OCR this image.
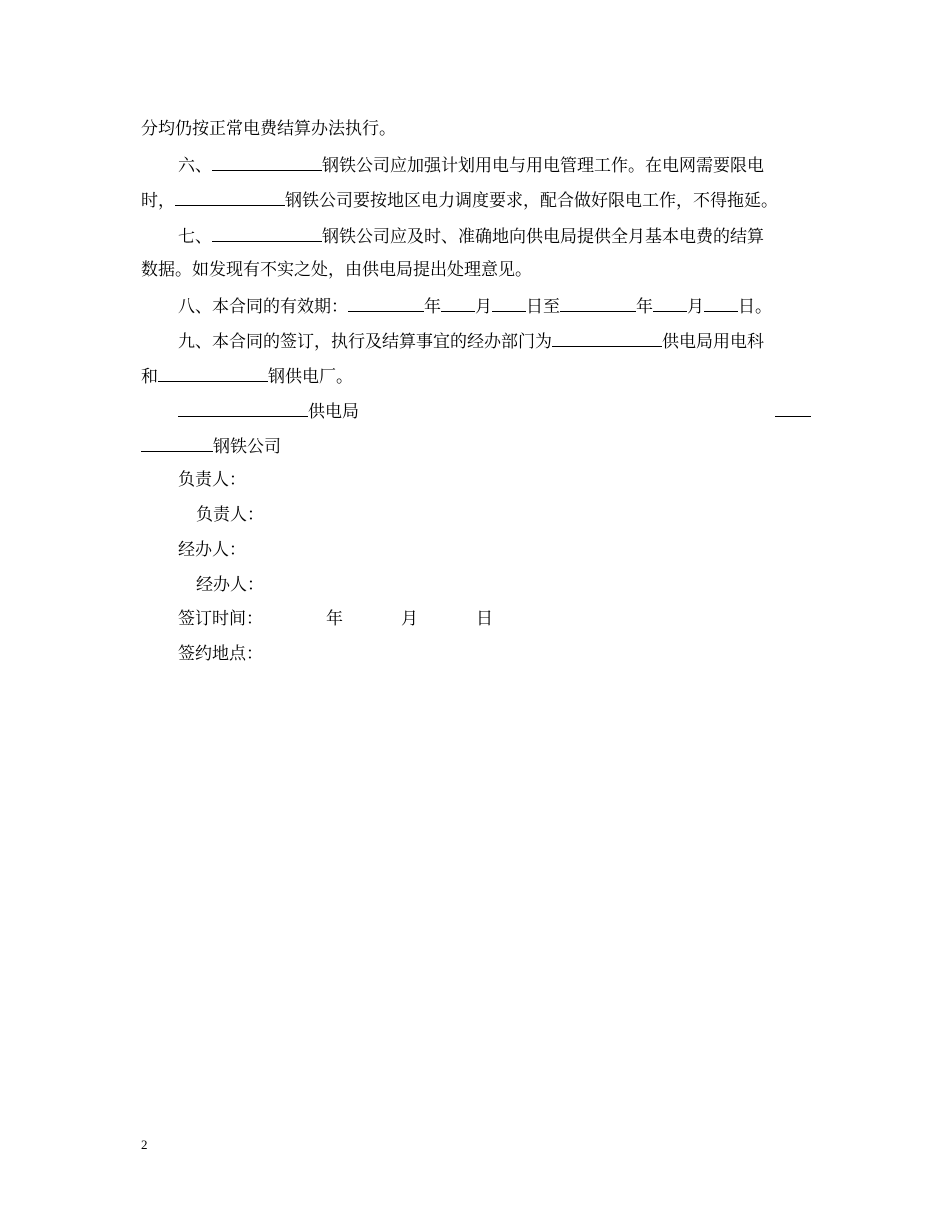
分均仍按正常电费结算办法执行。
六、	钢铁公司应加强计划用电与用电管理工作。在电网需要限电
时，	钢铁公司要按地区电力调度要求，配合做好限电工作，不得拖延。
七、	钢铁公司应及时、准确地向供电局提供全月基本电费的结算
数据。如发现有不实之处，由供电局提出处理意见。
八、本合同的有效期：	年 月 日至	年 月 日。
九、本合同的签订，执行及结算事宜的经办部门为	供电局用电科
和	钢供电厂。
供电局
钢铁公司
负责人：
负责人：
经办人：
经办人：
签订时间：	年	月	日
签约地点：
2
